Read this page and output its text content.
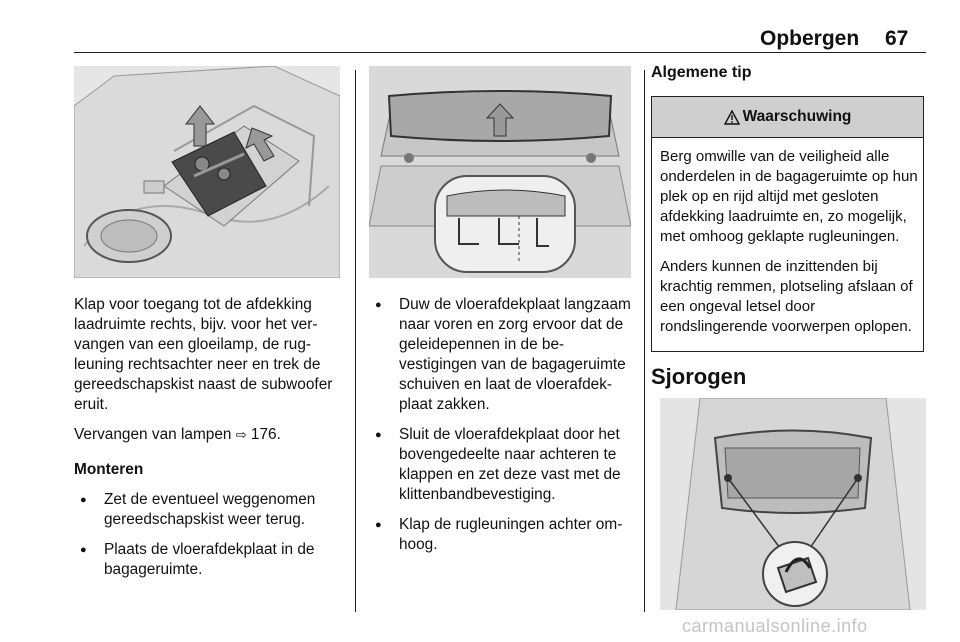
Opbergen 67

Klap voor toegang tot de afdekking laadruimte rechts, bijv. voor het vervangen van een gloeilamp, de rugleuning rechtsachter neer en trek de gereedschapskist naast de subwoofer eruit.

Vervangen van lampen ⇨ 176.

Monteren

● Zet de eventueel weggenomen gereedschapskist weer terug.
● Plaats de vloerafdekplaat in de bagageruimte.
● Duw de vloerafdekplaat langzaam naar voren en zorg ervoor dat de geleidepennen in de bevestigingen van de bagageruimte schuiven en laat de vloerafdekplaat zakken.
● Sluit de vloerafdekplaat door het bovengedeelte naar achteren te klappen en zet deze vast met de klittenbandbevestiging.
● Klap de rugleuningen achter omhoog.
Algemene tip
Waarschuwing

Berg omwille van de veiligheid alle onderdelen in de bagageruimte op hun plek op en rijd altijd met gesloten afdekking laadruimte en, zo mogelijk, met omhoog geklapte rugleuningen.

Anders kunnen de inzittenden bij krachtig remmen, plotseling afslaan of een ongeval letsel door rondslingerende voorwerpen oplopen.

Sjorogen
carmanualsonline.info
